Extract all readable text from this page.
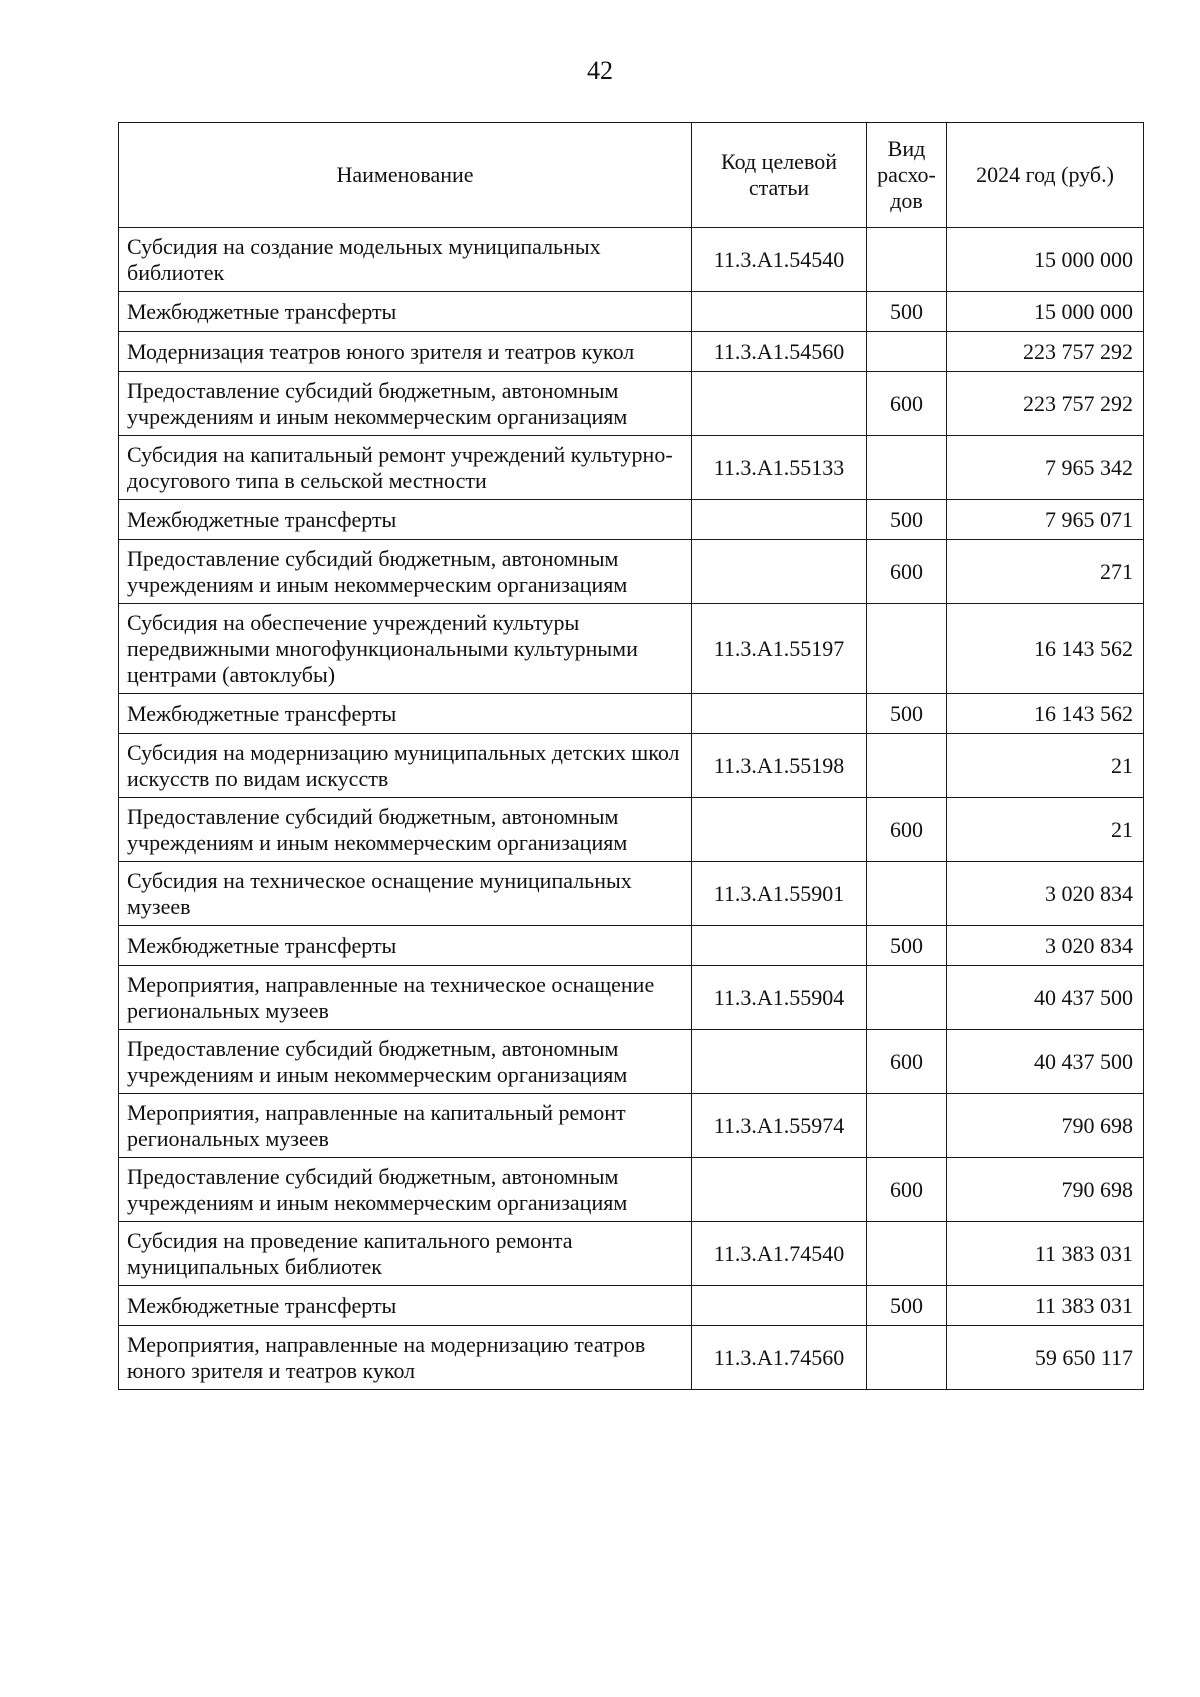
42
Наименование	Код целевой статьи	Вид расхо-дов	2024 год (руб.)
Субсидия на создание модельных муниципальных библиотек	11.3.А1.54540		15 000 000
Межбюджетные трансферты		500	15 000 000
Модернизация театров юного зрителя и театров кукол	11.3.А1.54560		223 757 292
Предоставление субсидий бюджетным, автономным учреждениям и иным некоммерческим организациям		600	223 757 292
Субсидия на капитальный ремонт учреждений культурно-досугового типа в сельской местности	11.3.А1.55133		7 965 342
Межбюджетные трансферты		500	7 965 071
Предоставление субсидий бюджетным, автономным учреждениям и иным некоммерческим организациям		600	271
Субсидия на обеспечение учреждений культуры передвижными многофункциональными культурными центрами (автоклубы)	11.3.А1.55197		16 143 562
Межбюджетные трансферты		500	16 143 562
Субсидия на модернизацию муниципальных детских школ искусств по видам искусств	11.3.А1.55198		21
Предоставление субсидий бюджетным, автономным учреждениям и иным некоммерческим организациям		600	21
Субсидия на техническое оснащение муниципальных музеев	11.3.А1.55901		3 020 834
Межбюджетные трансферты		500	3 020 834
Мероприятия, направленные на техническое оснащение региональных музеев	11.3.А1.55904		40 437 500
Предоставление субсидий бюджетным, автономным учреждениям и иным некоммерческим организациям		600	40 437 500
Мероприятия, направленные на капитальный ремонт региональных музеев	11.3.А1.55974		790 698
Предоставление субсидий бюджетным, автономным учреждениям и иным некоммерческим организациям		600	790 698
Субсидия на проведение капитального ремонта муниципальных библиотек	11.3.А1.74540		11 383 031
Межбюджетные трансферты		500	11 383 031
Мероприятия, направленные на модернизацию театров юного зрителя и театров кукол	11.3.А1.74560		59 650 117
